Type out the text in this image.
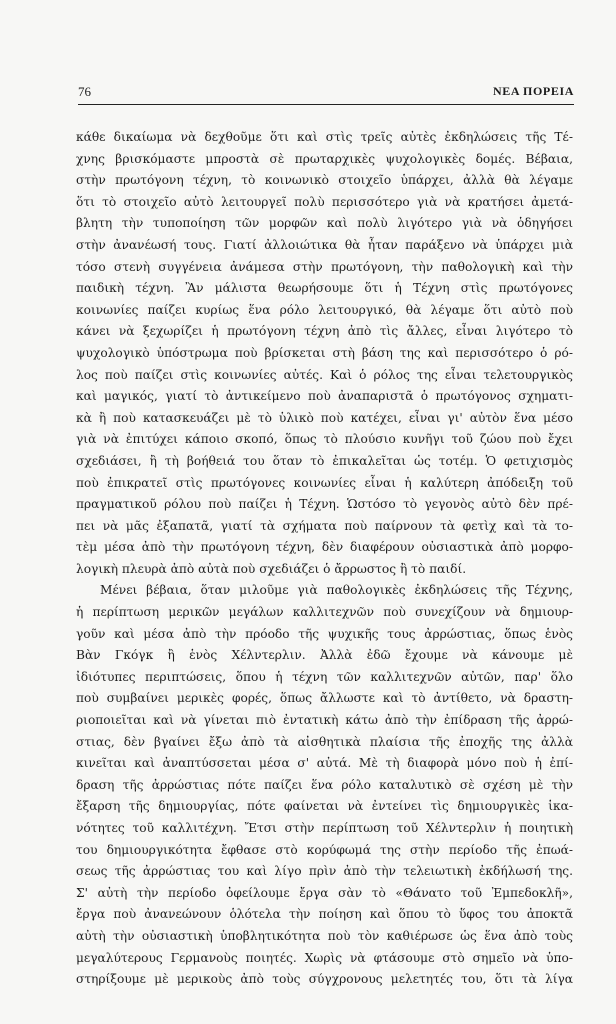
76	ΝΕΑ ΠΟΡΕΙΑ
κάθε δικαίωμα νὰ δεχθοῦμε ὅτι καὶ στὶς τρεῖς αὐτὲς ἐκδηλώσεις τῆς Τέ-
χνης βρισκόμαστε μπροστὰ σὲ πρωταρχικὲς ψυχολογικὲς δομές. Βέβαια,
στὴν πρωτόγονη τέχνη, τὸ κοινωνικὸ στοιχεῖο ὑπάρχει, ἀλλὰ θὰ λέγαμε
ὅτι τὸ στοιχεῖο αὐτὸ λειτουργεῖ πολὺ περισσότερο γιὰ νὰ κρατήσει ἀμετά-
βλητη τὴν τυποποίηση τῶν μορφῶν καὶ πολὺ λιγότερο γιὰ νὰ ὁδηγήσει
στὴν ἀνανέωσή τους. Γιατί ἀλλοιώτικα θὰ ἦταν παράξενο νὰ ὑπάρχει μιὰ
τόσο στενὴ συγγένεια ἀνάμεσα στὴν πρωτόγονη, τὴν παθολογικὴ καὶ τὴν
παιδικὴ τέχνη. Ἂν μάλιστα θεωρήσουμε ὅτι ἡ Τέχνη στὶς πρωτόγονες
κοινωνίες παίζει κυρίως ἕνα ρόλο λειτουργικό, θὰ λέγαμε ὅτι αὐτὸ ποὺ
κάνει νὰ ξεχωρίζει ἡ πρωτόγονη τέχνη ἀπὸ τὶς ἄλλες, εἶναι λιγότερο τὸ
ψυχολογικὸ ὑπόστρωμα ποὺ βρίσκεται στὴ βάση της καὶ περισσότερο ὁ ρό-
λος ποὺ παίζει στὶς κοινωνίες αὐτές. Καὶ ὁ ρόλος της εἶναι τελετουργικὸς
καὶ μαγικός, γιατί τὸ ἀντικείμενο ποὺ ἀναπαριστᾶ ὁ πρωτόγονος σχηματι-
κὰ ἢ ποὺ κατασκευάζει μὲ τὸ ὑλικὸ ποὺ κατέχει, εἶναι γι' αὐτὸν ἕνα μέσο
γιὰ νὰ ἐπιτύχει κάποιο σκοπό, ὅπως τὸ πλούσιο κυνῆγι τοῦ ζώου ποὺ ἔχει
σχεδιάσει, ἢ τὴ βοήθειά του ὅταν τὸ ἐπικαλεῖται ὡς τοτέμ. Ὁ φετιχισμὸς
ποὺ ἐπικρατεῖ στὶς πρωτόγονες κοινωνίες εἶναι ἡ καλύτερη ἀπόδειξη τοῦ
πραγματικοῦ ρόλου ποὺ παίζει ἡ Τέχνη. Ὡστόσο τὸ γεγονὸς αὐτὸ δὲν πρέ-
πει νὰ μᾶς ἐξαπατᾶ, γιατί τὰ σχήματα ποὺ παίρνουν τὰ φετὶχ καὶ τὰ το-
τὲμ μέσα ἀπὸ τὴν πρωτόγονη τέχνη, δὲν διαφέρουν οὐσιαστικὰ ἀπὸ μορφο-
λογικὴ πλευρὰ ἀπὸ αὐτὰ ποὺ σχεδιάζει ὁ ἄρρωστος ἢ τὸ παιδί.
Μένει βέβαια, ὅταν μιλοῦμε γιὰ παθολογικὲς ἐκδηλώσεις τῆς Τέχνης,
ἡ περίπτωση μερικῶν μεγάλων καλλιτεχνῶν ποὺ συνεχίζουν νὰ δημιουρ-
γοῦν καὶ μέσα ἀπὸ τὴν πρόοδο τῆς ψυχικῆς τους ἀρρώστιας, ὅπως ἑνὸς
Βὰν Γκόγκ ἢ ἑνὸς Χέλντερλιν. Ἀλλὰ ἐδῶ ἔχουμε νὰ κάνουμε μὲ
ἰδιότυπες περιπτώσεις, ὅπου ἡ τέχνη τῶν καλλιτεχνῶν αὐτῶν, παρ' ὅλο
ποὺ συμβαίνει μερικὲς φορές, ὅπως ἄλλωστε καὶ τὸ ἀντίθετο, νὰ δραστη-
ριοποιεῖται καὶ νὰ γίνεται πιὸ ἐντατικὴ κάτω ἀπὸ τὴν ἐπίδραση τῆς ἀρρώ-
στιας, δὲν βγαίνει ἔξω ἀπὸ τὰ αἰσθητικὰ πλαίσια τῆς ἐποχῆς της ἀλλὰ
κινεῖται καὶ ἀναπτύσσεται μέσα σ' αὐτά. Μὲ τὴ διαφορὰ μόνο ποὺ ἡ ἐπί-
δραση τῆς ἀρρώστιας πότε παίζει ἕνα ρόλο καταλυτικὸ σὲ σχέση μὲ τὴν
ἔξαρση τῆς δημιουργίας, πότε φαίνεται νὰ ἐντείνει τὶς δημιουργικὲς ἱκα-
νότητες τοῦ καλλιτέχνη. Ἔτσι στὴν περίπτωση τοῦ Χέλντερλιν ἡ ποιητικὴ
του δημιουργικότητα ἔφθασε στὸ κορύφωμά της στὴν περίοδο τῆς ἐπωά-
σεως τῆς ἀρρώστιας του καὶ λίγο πρὶν ἀπὸ τὴν τελειωτικὴ ἐκδήλωσή της.
Σ' αὐτὴ τὴν περίοδο ὀφείλουμε ἔργα σὰν τὸ «Θάνατο τοῦ Ἐμπεδοκλῆ»,
ἔργα ποὺ ἀνανεώνουν ὁλότελα τὴν ποίηση καὶ ὅπου τὸ ὕφος του ἀποκτᾶ
αὐτὴ τὴν οὐσιαστικὴ ὑποβλητικότητα ποὺ τὸν καθιέρωσε ὡς ἕνα ἀπὸ τοὺς
μεγαλύτερους Γερμανοὺς ποιητές. Χωρὶς νὰ φτάσουμε στὸ σημεῖο νὰ ὑπο-
στηρίξουμε μὲ μερικοὺς ἀπὸ τοὺς σύγχρονους μελετητές του, ὅτι τὰ λίγα
